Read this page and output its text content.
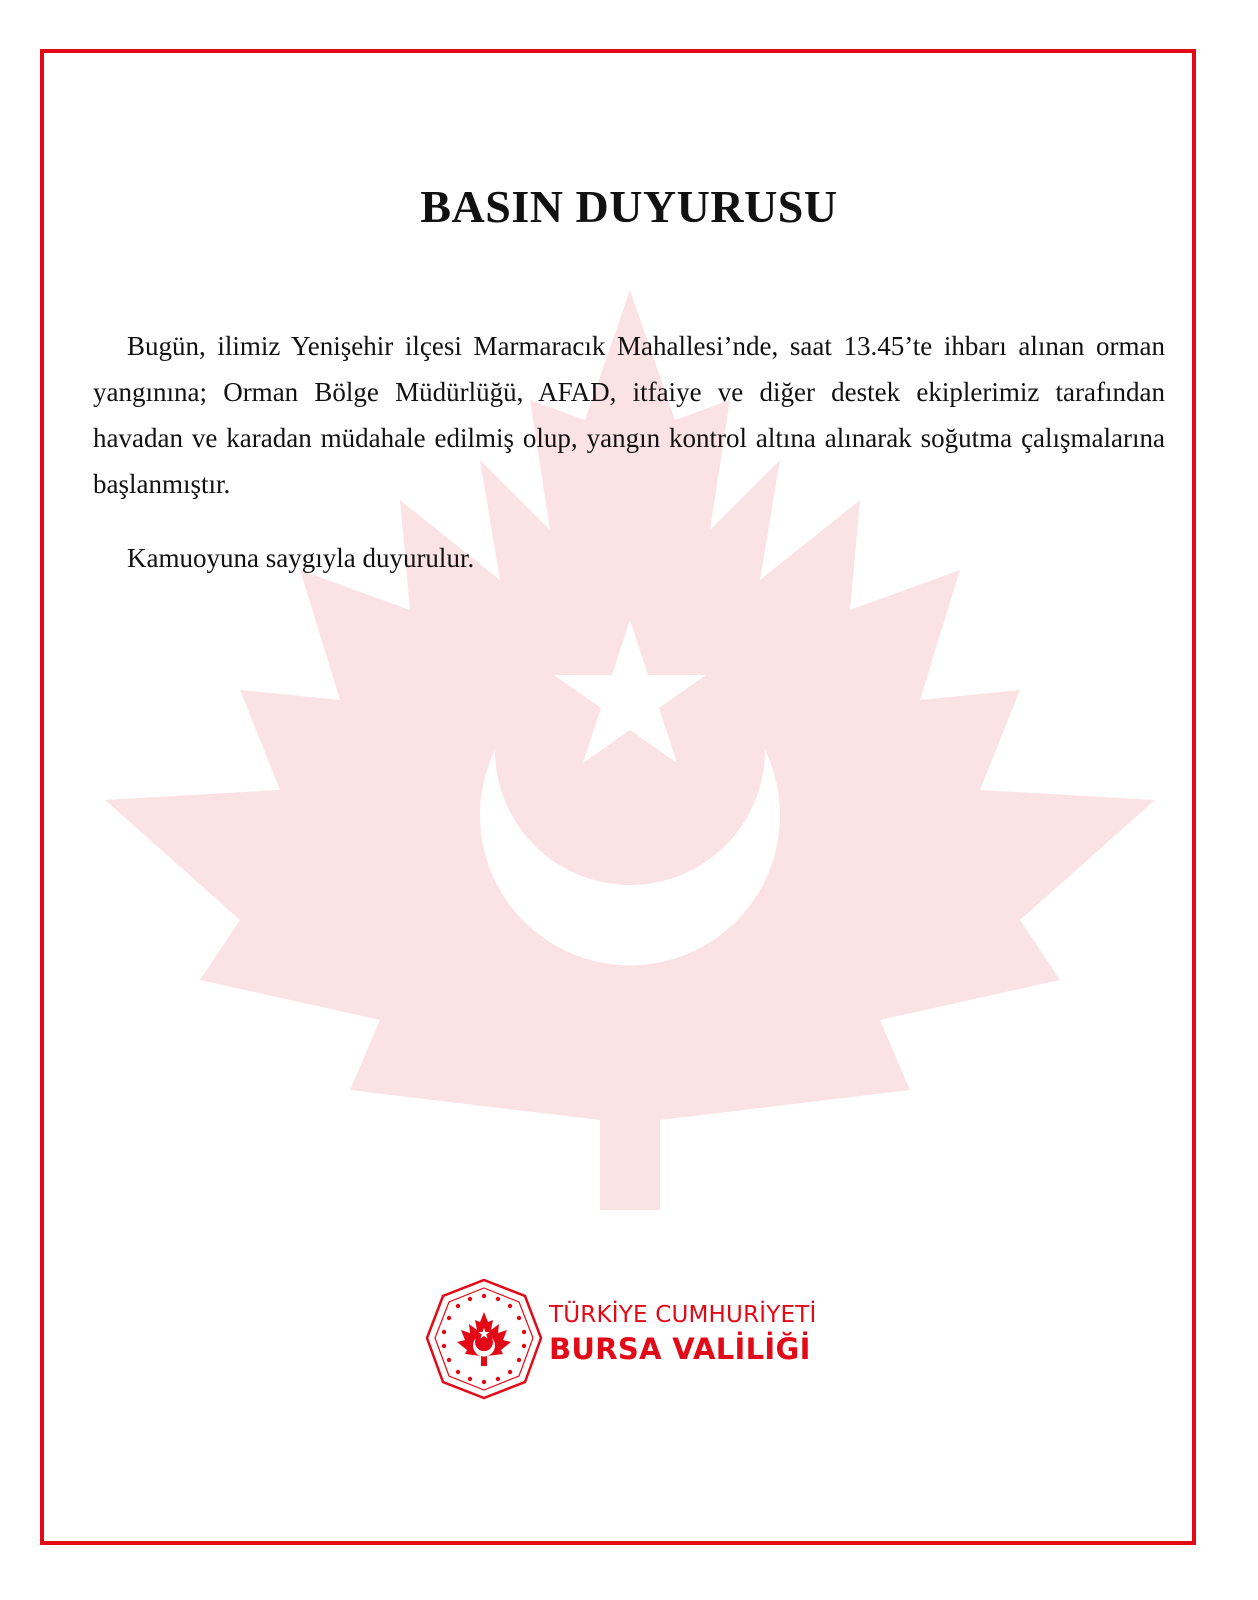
BASIN DUYURUSU

Bugün, ilimiz Yenişehir ilçesi Marmaracık Mahallesi’nde, saat 13.45’te ihbarı alınan orman yangınına; Orman Bölge Müdürlüğü, AFAD, itfaiye ve diğer destek ekiplerimiz tarafından havadan ve karadan müdahale edilmiş olup, yangın kontrol altına alınarak soğutma çalışmalarına başlanmıştır.

Kamuoyuna saygıyla duyurulur.

TÜRKİYE CUMHURİYETİ
BURSA VALİLİĞİ
